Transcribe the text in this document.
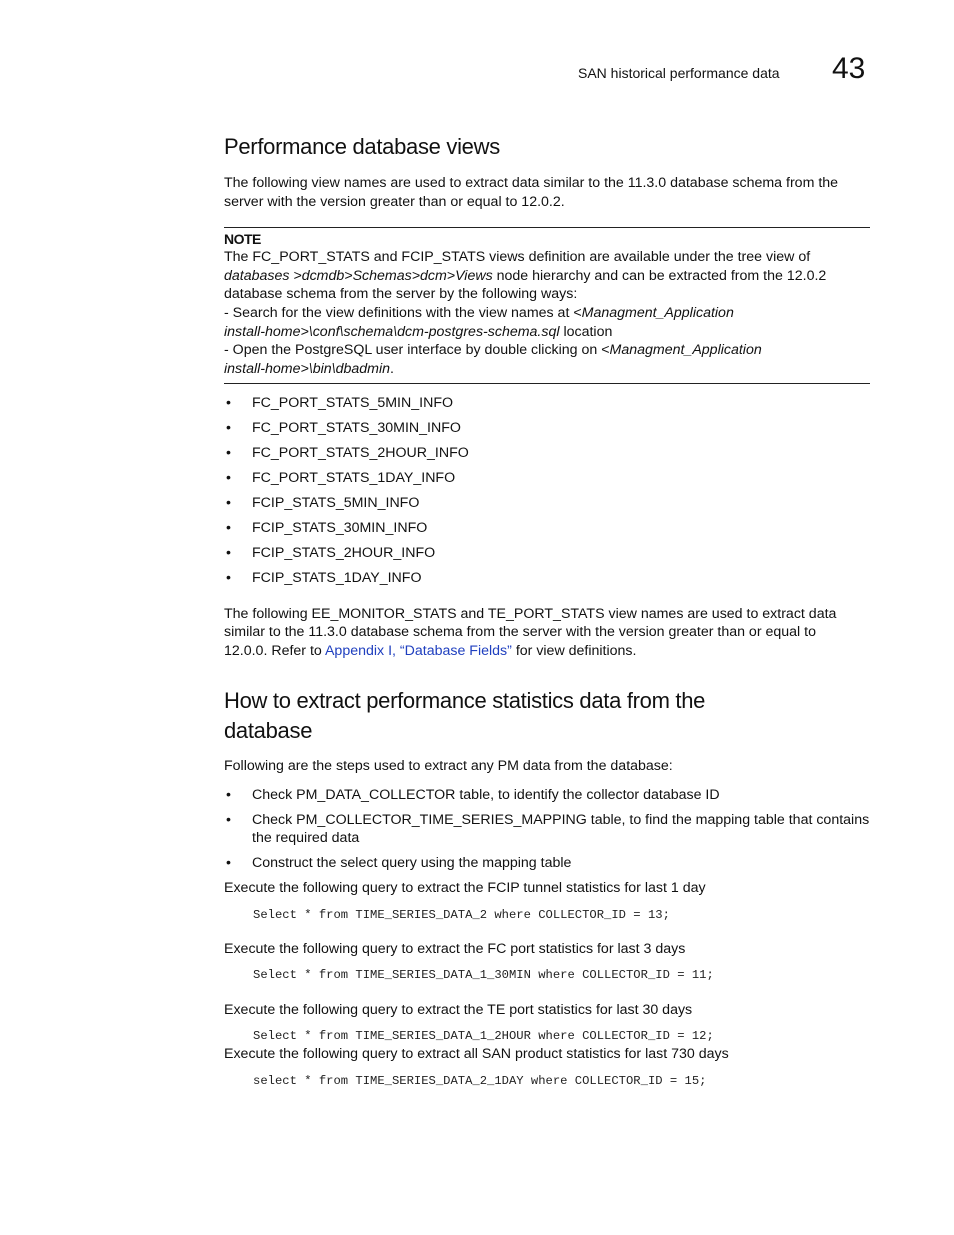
SAN historical performance data 43
Performance database views
The following view names are used to extract data similar to the 11.3.0 database schema from the
server with the version greater than or equal to 12.0.2.
NOTE
The FC_PORT_STATS and FCIP_STATS views definition are available under the tree view of
databases >dcmdb>Schemas>dcm>Views node hierarchy and can be extracted from the 12.0.2
database schema from the server by the following ways:
- Search for the view definitions with the view names at <Managment_Application
install-home>\conf\schema\dcm-postgres-schema.sql location
- Open the PostgreSQL user interface by double clicking on <Managment_Application
install-home>\bin\dbadmin.
• FC_PORT_STATS_5MIN_INFO
• FC_PORT_STATS_30MIN_INFO
• FC_PORT_STATS_2HOUR_INFO
• FC_PORT_STATS_1DAY_INFO
• FCIP_STATS_5MIN_INFO
• FCIP_STATS_30MIN_INFO
• FCIP_STATS_2HOUR_INFO
• FCIP_STATS_1DAY_INFO
The following EE_MONITOR_STATS and TE_PORT_STATS view names are used to extract data
similar to the 11.3.0 database schema from the server with the version greater than or equal to
12.0.0. Refer to Appendix I, “Database Fields” for view definitions.
How to extract performance statistics data from the
database
Following are the steps used to extract any PM data from the database:
• Check PM_DATA_COLLECTOR table, to identify the collector database ID
• Check PM_COLLECTOR_TIME_SERIES_MAPPING table, to find the mapping table that contains
the required data
• Construct the select query using the mapping table
Execute the following query to extract the FCIP tunnel statistics for last 1 day
Select * from TIME_SERIES_DATA_2 where COLLECTOR_ID = 13;
Execute the following query to extract the FC port statistics for last 3 days
Select * from TIME_SERIES_DATA_1_30MIN where COLLECTOR_ID = 11;
Execute the following query to extract the TE port statistics for last 30 days
Select * from TIME_SERIES_DATA_1_2HOUR where COLLECTOR_ID = 12;
Execute the following query to extract all SAN product statistics for last 730 days
select * from TIME_SERIES_DATA_2_1DAY where COLLECTOR_ID = 15;
